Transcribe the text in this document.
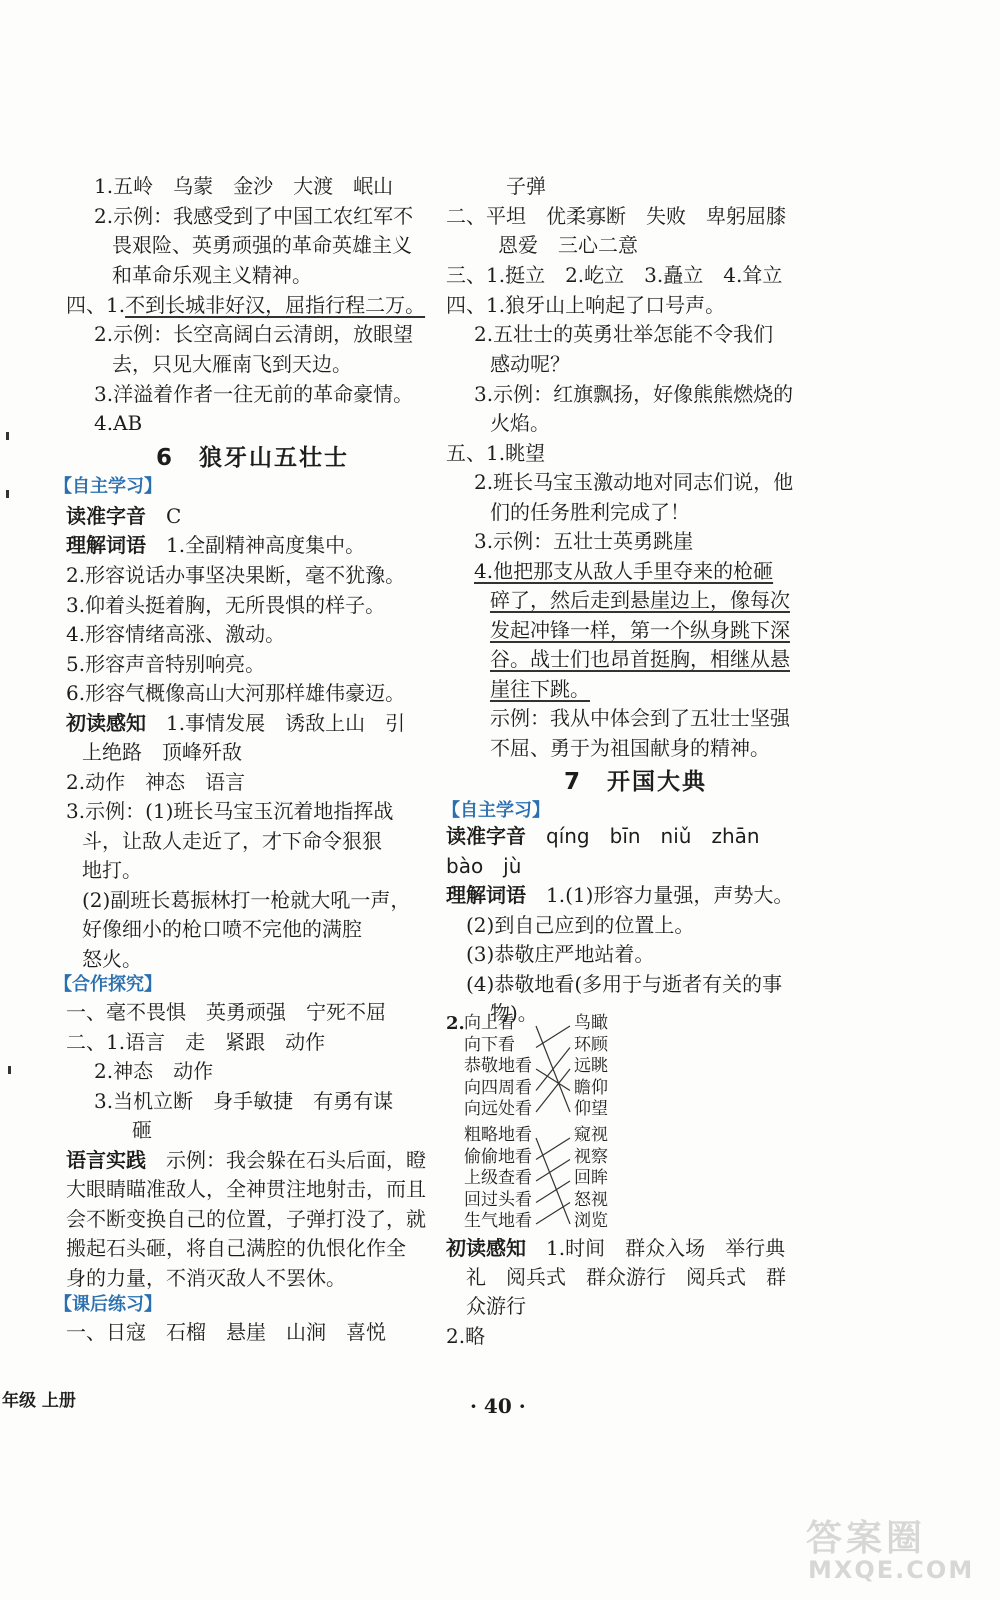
1.五岭　乌蒙　金沙　大渡　岷山
2.示例：我感受到了中国工农红军不
畏艰险、英勇顽强的革命英雄主义
和革命乐观主义精神。
四、1.不到长城非好汉，屈指行程二万。
2.示例：长空高阔白云清朗，放眼望
去，只见大雁南飞到天边。
3.洋溢着作者一往无前的革命豪情。
4.AB
6　狼牙山五壮士
【自主学习】
读准字音　 C
理解词语　 1.全副精神高度集中。
2.形容说话办事坚决果断，毫不犹豫。
3.仰着头挺着胸，无所畏惧的样子。
4.形容情绪高涨、激动。
5.形容声音特别响亮。
6.形容气概像高山大河那样雄伟豪迈。
初读感知　 1.事情发展　诱敌上山　引
上绝路　顶峰歼敌
2.动作　神态　语言
3.示例：(1)班长马宝玉沉着地指挥战
斗，让敌人走近了，才下命令狠狠
地打。
(2)副班长葛振林打一枪就大吼一声，
好像细小的枪口喷不完他的满腔
怒火。
【合作探究】
一、毫不畏惧　英勇顽强　宁死不屈
二、1.语言　走　紧跟　动作
2.神态　动作
3.当机立断　身手敏捷　有勇有谋
砸
语言实践　 示例：我会躲在石头后面，瞪
大眼睛瞄准敌人，全神贯注地射击，而且
会不断变换自己的位置，子弹打没了，就
搬起石头砸，将自己满腔的仇恨化作全
身的力量，不消灭敌人不罢休。
【课后练习】
一、日寇　石榴　悬崖　山涧　喜悦
子弹
二、平坦　优柔寡断　失败　卑躬屈膝
恩爱　三心二意
三、1.挺立　2.屹立　3.矗立　4.耸立
四、1.狼牙山上响起了口号声。
2.五壮士的英勇壮举怎能不令我们
感动呢？
3.示例：红旗飘扬，好像熊熊燃烧的
火焰。
五、1.眺望
2.班长马宝玉激动地对同志们说，他
们的任务胜利完成了！
3.示例：五壮士英勇跳崖
4.他把那支从敌人手里夺来的枪砸
碎了，然后走到悬崖边上，像每次
发起冲锋一样，第一个纵身跳下深
谷。战士们也昂首挺胸，相继从悬
崖往下跳。
示例：我从中体会到了五壮士坚强
不屈、勇于为祖国献身的精神。
7　开国大典
【自主学习】
读准字音　 qíng　bīn　niǔ　zhān
bào　jù
理解词语　 1.(1)形容力量强，声势大。
(2)到自己应到的位置上。
(3)恭敬庄严地站着。
(4)恭敬地看(多用于与逝者有关的事
物)。
2. 向上看
向下看
恭敬地看
向四周看
向远处看
鸟瞰
环顾
远眺
瞻仰
仰望
粗略地看
偷偷地看
上级查看
回过头看
生气地看
窥视
视察
回眸
怒视
浏览
初读感知　 1.时间　群众入场　举行典
礼　阅兵式　群众游行　阅兵式　群
众游行
2.略
年级 上册	· 40 ·
答案圈
MXQE.COM
